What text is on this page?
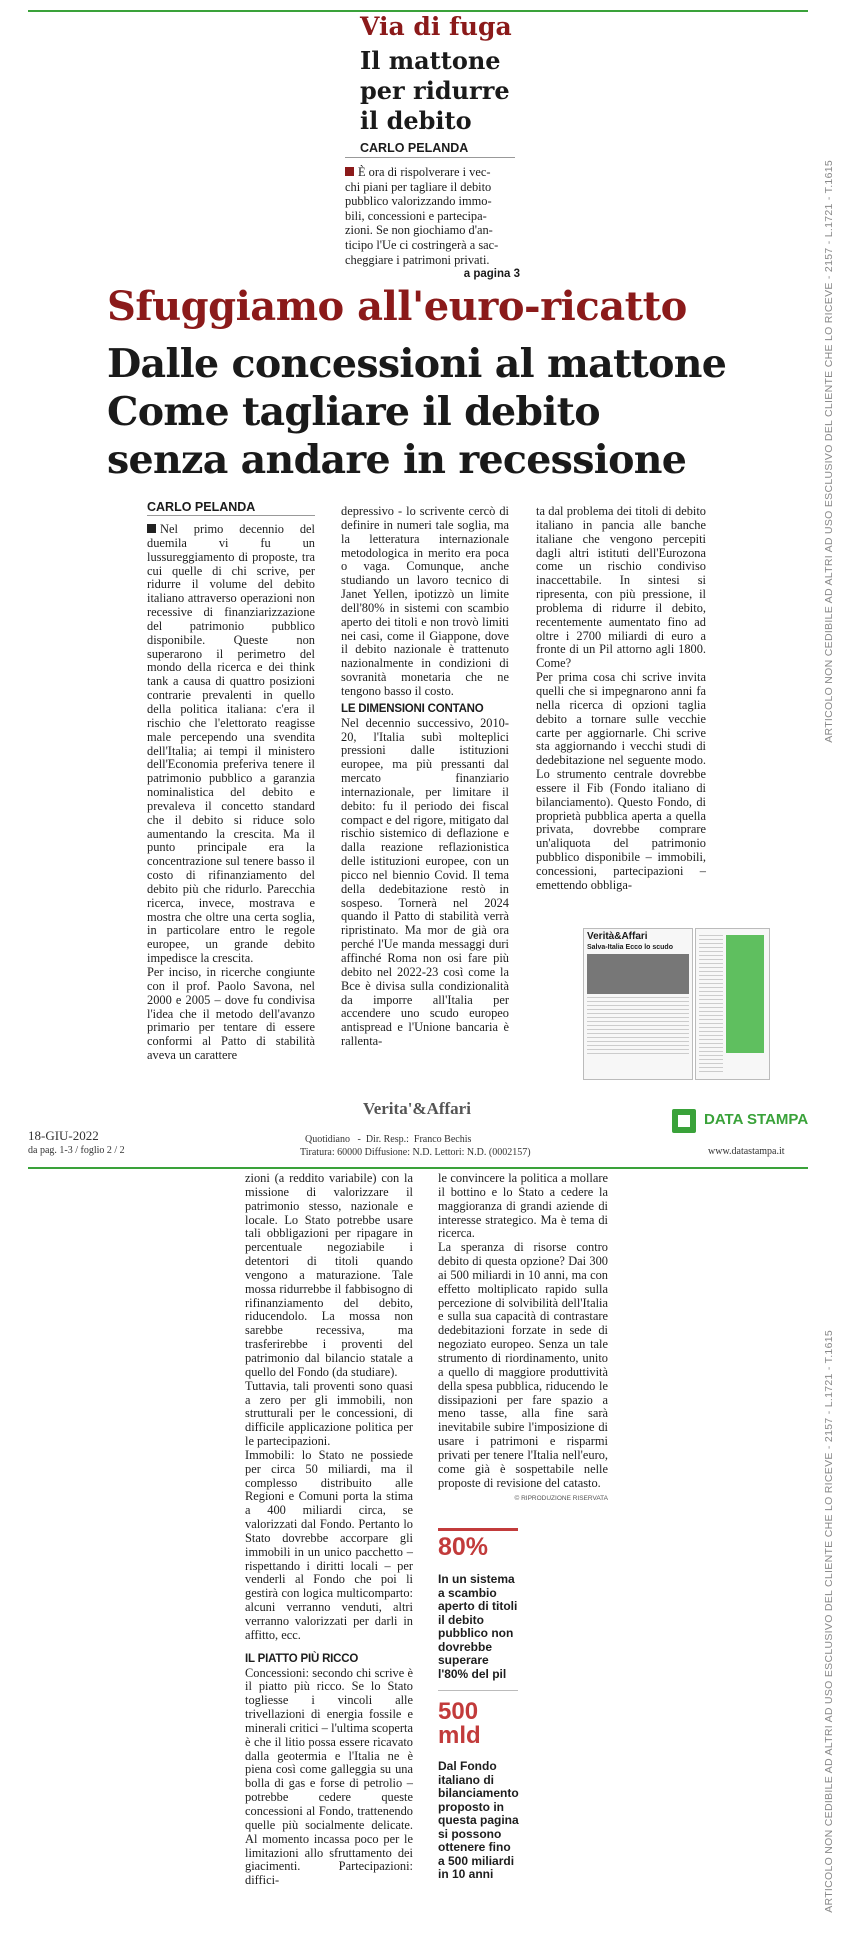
Via di fuga
Il mattone
per ridurre
il debito
CARLO PELANDA
È ora di rispolverare i vec-
chi piani per tagliare il debito
pubblico valorizzando immo-
bili, concessioni e partecipa-
zioni. Se non giochiamo d'an-
ticipo l'Ue ci costringerà a sac-
cheggiare i patrimoni privati.
a pagina 3
Sfuggiamo all'euro-ricatto
Dalle concessioni al mattone
Come tagliare il debito
senza andare in recessione
CARLO PELANDA

Nel primo decennio del duemila vi fu un lussureggiamento di proposte, tra cui quelle di chi scrive, per ridurre il volume del debito italiano attraverso operazioni non recessive di finanziarizzazione del patrimonio pubblico disponibile. Queste non superarono il perimetro del mondo della ricerca e dei think tank a causa di quattro posizioni contrarie prevalenti in quello della politica italiana: c'era il rischio che l'elettorato reagisse male percependo una svendita dell'Italia; ai tempi il ministero dell'Economia preferiva tenere il patrimonio pubblico a garanzia nominalistica del debito e prevaleva il concetto standard che il debito si riduce solo aumentando la crescita. Ma il punto principale era la concentrazione sul tenere basso il costo di rifinanziamento del debito più che ridurlo. Parecchia ricerca, invece, mostrava e mostra che oltre una certa soglia, in particolare entro le regole europee, un grande debito impedisce la crescita.

Per inciso, in ricerche congiunte con il prof. Paolo Savona, nel 2000 e 2005 – dove fu condivisa l'idea che il metodo dell'avanzo primario per tentare di essere conformi al Patto di stabilità aveva un carattere

depressivo - lo scrivente cercò di definire in numeri tale soglia, ma la letteratura internazionale metodologica in merito era poca o vaga. Comunque, anche studiando un lavoro tecnico di Janet Yellen, ipotizzò un limite dell'80% in sistemi con scambio aperto dei titoli e non trovò limiti nei casi, come il Giappone, dove il debito nazionale è trattenuto nazionalmente in condizioni di sovranità monetaria che ne tengono basso il costo.

LE DIMENSIONI CONTANO

Nel decennio successivo, 2010-20, l'Italia subì molteplici pressioni dalle istituzioni europee, ma più pressanti dal mercato finanziario internazionale, per limitare il debito: fu il periodo dei fiscal compact e del rigore, mitigato dal rischio sistemico di deflazione e dalla reazione reflazionistica delle istituzioni europee, con un picco nel biennio Covid. Il tema della dedebitazione restò in sospeso. Tornerà nel 2024 quando il Patto di stabilità verrà ripristinato. Ma mor de già ora perché l'Ue manda messaggi duri affinché Roma non osi fare più debito nel 2022-23 così come la Bce è divisa sulla condizionalità da imporre all'Italia per accendere uno scudo europeo antispread e l'Unione bancaria è rallenta-

ta dal problema dei titoli di debito italiano in pancia alle banche italiane che vengono percepiti dagli altri istituti dell'Eurozona come un rischio condiviso inaccettabile. In sintesi si ripresenta, con più pressione, il problema di ridurre il debito, recentemente aumentato fino ad oltre i 2700 miliardi di euro a fronte di un Pil attorno agli 1800. Come?

Per prima cosa chi scrive invita quelli che si impegnarono anni fa nella ricerca di opzioni taglia debito a tornare sulle vecchie carte per aggiornarle. Chi scrive sta aggiornando i vecchi studi di dedebitazione nel seguente modo. Lo strumento centrale dovrebbe essere il Fib (Fondo italiano di bilanciamento). Questo Fondo, di proprietà pubblica aperta a quella privata, dovrebbe comprare un'aliquota del patrimonio pubblico disponibile – immobili, concessioni, partecipazioni – emettendo obbliga-

Verità&Affari
Salva-Italia Ecco lo scudo
18-GIU-2022
da pag. 1-3 / foglio 2 / 2
Verita'&Affari
Quotidiano   -  Dir. Resp.:  Franco Bechis
Tiratura: 60000 Diffusione: N.D. Lettori: N.D. (0002157)
DATA STAMPA
www.datastampa.it

zioni (a reddito variabile) con la missione di valorizzare il patrimonio stesso, nazionale e locale. Lo Stato potrebbe usare tali obbligazioni per ripagare in percentuale negoziabile i detentori di titoli quando vengono a maturazione. Tale mossa ridurrebbe il fabbisogno di rifinanziamento del debito, riducendolo. La mossa non sarebbe recessiva, ma trasferirebbe i proventi del patrimonio dal bilancio statale a quello del Fondo (da studiare).

Tuttavia, tali proventi sono quasi a zero per gli immobili, non strutturali per le concessioni, di difficile applicazione politica per le partecipazioni.

Immobili: lo Stato ne possiede per circa 50 miliardi, ma il complesso distribuito alle Regioni e Comuni porta la stima a 400 miliardi circa, se valorizzati dal Fondo. Pertanto lo Stato dovrebbe accorpare gli immobili in un unico pacchetto – rispettando i diritti locali – per venderli al Fondo che poi li gestirà con logica multicomparto: alcuni verranno venduti, altri verranno valorizzati per darli in affitto, ecc.

IL PIATTO PIÙ RICCO

Concessioni: secondo chi scrive è il piatto più ricco. Se lo Stato togliesse i vincoli alle trivellazioni di energia fossile e minerali critici – l'ultima scoperta è che il litio possa essere ricavato dalla geotermia e l'Italia ne è piena così come galleggia su una bolla di gas e forse di petrolio – potrebbe cedere queste concessioni al Fondo, trattenendo quelle più socialmente delicate. Al momento incassa poco per le limitazioni allo sfruttamento dei giacimenti. Partecipazioni: diffici-

le convincere la politica a mollare il bottino e lo Stato a cedere la maggioranza di grandi aziende di interesse strategico. Ma è tema di ricerca.

La speranza di risorse contro debito di questa opzione? Dai 300 ai 500 miliardi in 10 anni, ma con effetto moltiplicato rapido sulla percezione di solvibilità dell'Italia e sulla sua capacità di contrastare dedebitazioni forzate in sede di negoziato europeo. Senza un tale strumento di riordinamento, unito a quello di maggiore produttività della spesa pubblica, riducendo le dissipazioni per fare spazio a meno tasse, alla fine sarà inevitabile subire l'imposizione di usare i patrimoni e risparmi privati per tenere l'Italia nell'euro, come già è sospettabile nelle proposte di revisione del catasto.

© RIPRODUZIONE RISERVATA
80%
In un sistema
a scambio
aperto di titoli
il debito
pubblico non
dovrebbe
superare
l'80% del pil
500
mld
Dal Fondo
italiano di
bilanciamento
proposto in
questa pagina
si possono
ottenere fino
a 500 miliardi
in 10 anni
ARTICOLO NON CEDIBILE AD ALTRI AD USO ESCLUSIVO DEL CLIENTE CHE LO RICEVE - 2157 - L.1721 - T.1615
ARTICOLO NON CEDIBILE AD ALTRI AD USO ESCLUSIVO DEL CLIENTE CHE LO RICEVE - 2157 - L.1721 - T.1615
